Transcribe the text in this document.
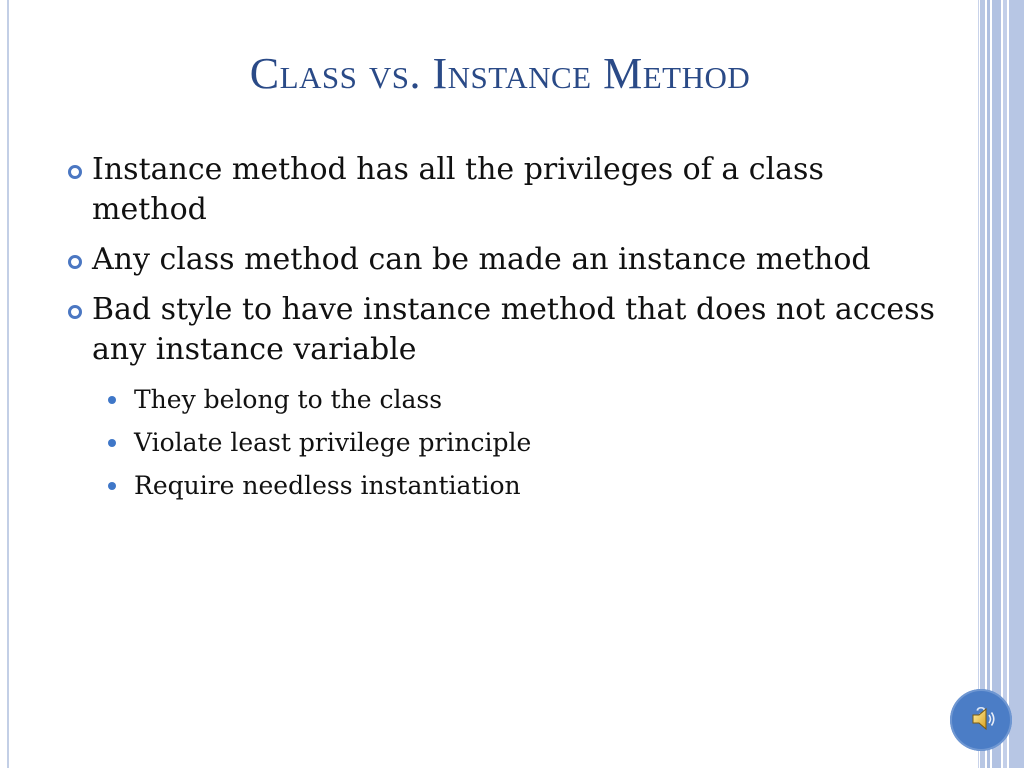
Class vs. Instance Method
Instance method has all the privileges of a class method
Any class method can be made an instance method
Bad style to have instance method that does not access any instance variable
They belong to the class
Violate least privilege principle
Require needless instantiation
